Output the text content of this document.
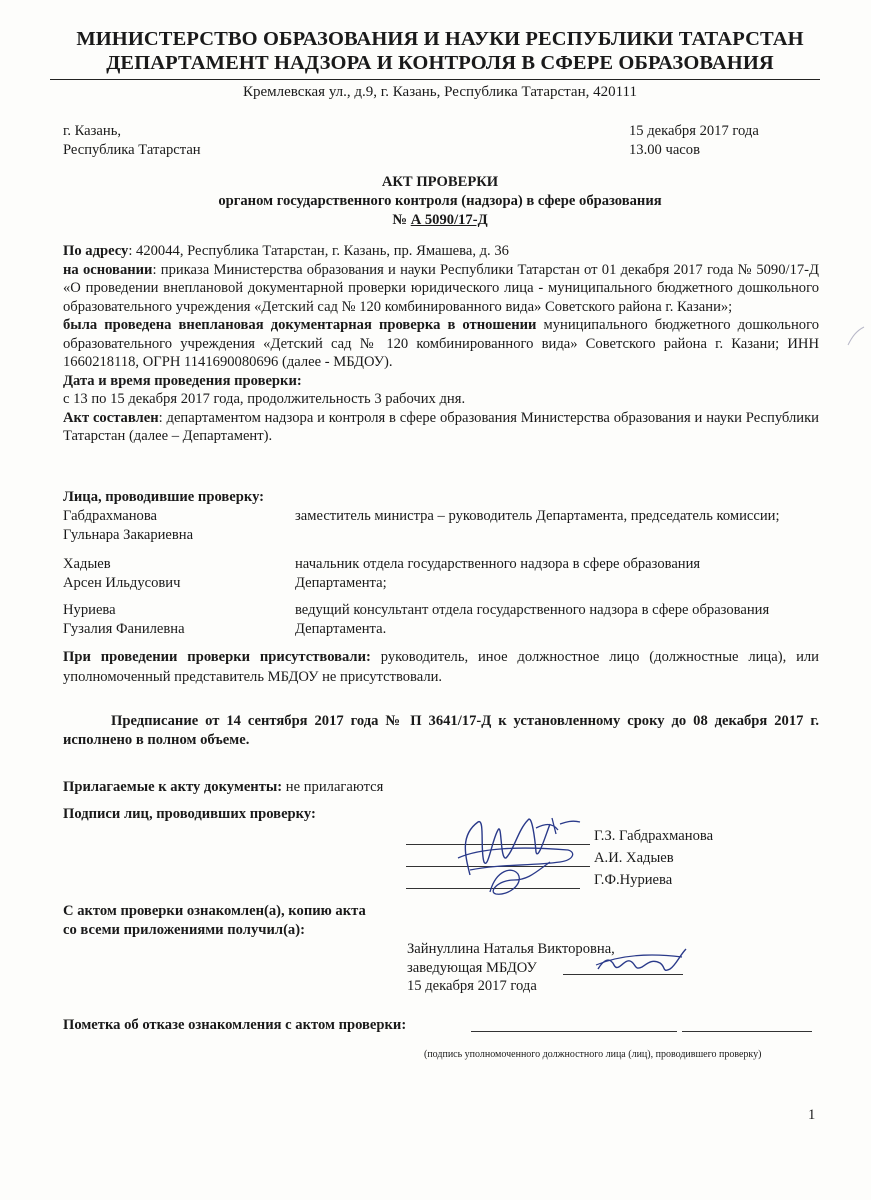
МИНИСТЕРСТВО ОБРАЗОВАНИЯ И НАУКИ РЕСПУБЛИКИ ТАТАРСТАН
ДЕПАРТАМЕНТ НАДЗОРА И КОНТРОЛЯ В СФЕРЕ ОБРАЗОВАНИЯ
Кремлевская ул., д.9, г. Казань, Республика Татарстан, 420111
г. Казань,
Республика Татарстан
15 декабря 2017 года
13.00 часов
АКТ ПРОВЕРКИ
органом государственного контроля (надзора) в сфере образования
№ А 5090/17-Д
По адресу: 420044, Республика Татарстан, г. Казань, пр. Ямашева, д. 36
на основании: приказа Министерства образования и науки Республики Татарстан от 01 декабря 2017 года № 5090/17-Д «О проведении внеплановой документарной проверки юридического лица - муниципального бюджетного дошкольного образовательного учреждения «Детский сад № 120 комбинированного вида» Советского района г. Казани»;
была проведена внеплановая документарная проверка в отношении муниципального бюджетного дошкольного образовательного учреждения «Детский сад № 120 комбинированного вида» Советского района г. Казани; ИНН 1660218118, ОГРН 1141690080696 (далее - МБДОУ).
Дата и время проведения проверки:
с 13 по 15 декабря 2017 года, продолжительность 3 рабочих дня.
Акт составлен: департаментом надзора и контроля в сфере образования Министерства образования и науки Республики Татарстан (далее – Департамент).
Лица, проводившие проверку:
Габдрахманова
Гульнара Закариевна
заместитель министра – руководитель Департамента, председатель комиссии;
Хадыев
Арсен Ильдусович
начальник отдела государственного надзора в сфере образования Департамента;
Нуриева
Гузалия Фанилевна
ведущий консультант отдела государственного надзора в сфере образования Департамента.
При проведении проверки присутствовали: руководитель, иное должностное лицо (должностные лица), или уполномоченный представитель МБДОУ не присутствовали.
Предписание от 14 сентября 2017 года № П 3641/17-Д к установленному сроку до 08 декабря 2017 г. исполнено в полном объеме.
Прилагаемые к акту документы: не прилагаются
Подписи лиц, проводивших проверку:
Г.З. Габдрахманова
А.И. Хадыев
Г.Ф.Нуриева
С актом проверки ознакомлен(а), копию акта
со всеми приложениями получил(а):
Зайнуллина Наталья Викторовна,
заведующая МБДОУ
15 декабря 2017 года
Пометка об отказе ознакомления с актом проверки:
(подпись уполномоченного должностного лица (лиц), проводившего проверку)
1
